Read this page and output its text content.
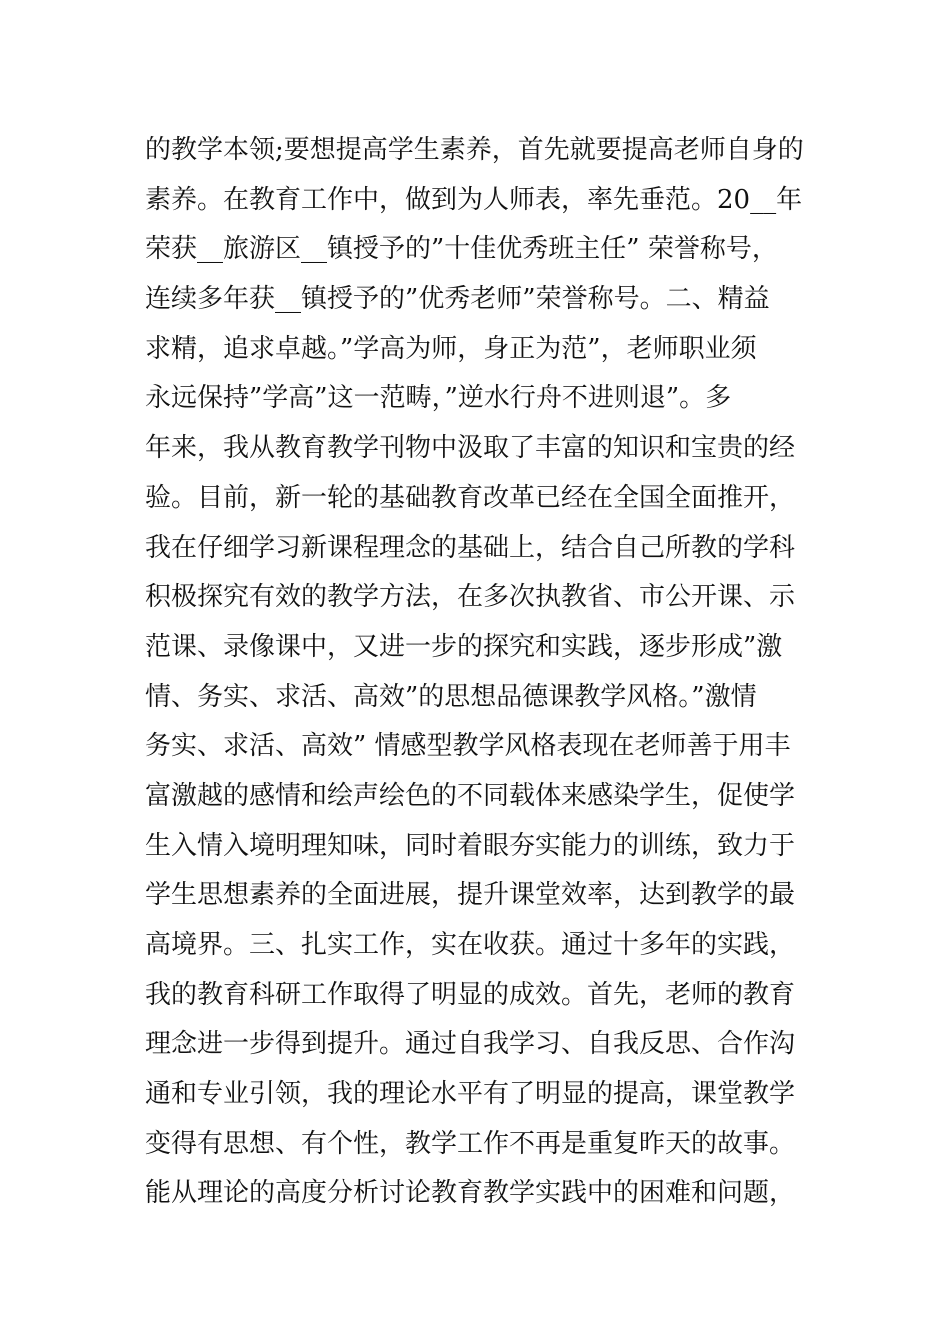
的教学本领;要想提高学生素养，首先就要提高老师自身的
素养。在教育工作中，做到为人师表，率先垂范。20__年
荣获__旅游区__镇授予的”十佳优秀班主任” 荣誉称号，
连续多年获__镇授予的”优秀老师”荣誉称号。二、精益
求精，追求卓越。”学高为师，身正为范”，老师职业须
永远保持”学高”这一范畴，”逆水行舟不进则退”。多
年来，我从教育教学刊物中汲取了丰富的知识和宝贵的经
验。目前，新一轮的基础教育改革已经在全国全面推开，
我在仔细学习新课程理念的基础上，结合自己所教的学科
积极探究有效的教学方法，在多次执教省、市公开课、示
范课、录像课中，又进一步的探究和实践，逐步形成”激
情、务实、求活、高效”的思想品德课教学风格。”激情
务实、求活、高效” 情感型教学风格表现在老师善于用丰
富激越的感情和绘声绘色的不同载体来感染学生，促使学
生入情入境明理知味，同时着眼夯实能力的训练，致力于
学生思想素养的全面进展，提升课堂效率，达到教学的最
高境界。三、扎实工作，实在收获。通过十多年的实践，
我的教育科研工作取得了明显的成效。首先，老师的教育
理念进一步得到提升。通过自我学习、自我反思、合作沟
通和专业引领，我的理论水平有了明显的提高，课堂教学
变得有思想、有个性，教学工作不再是重复昨天的故事。
能从理论的高度分析讨论教育教学实践中的困难和问题，
